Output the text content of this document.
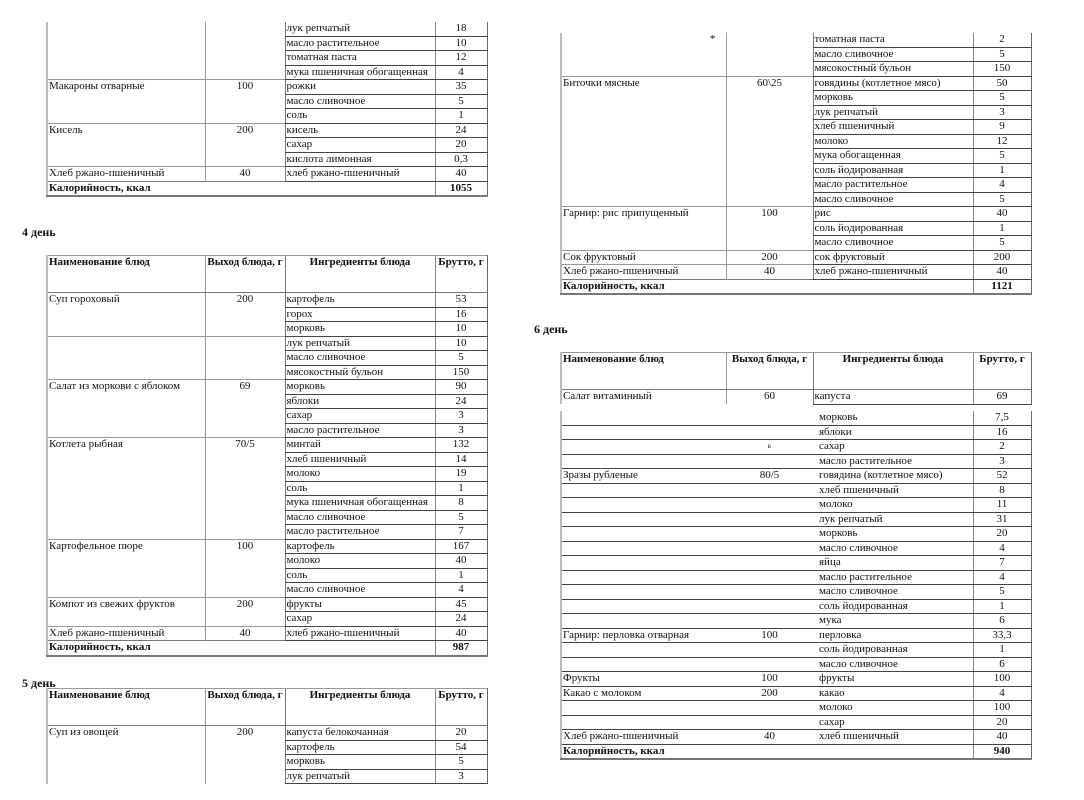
		лук репчатый	18
		масло растительное	10
		томатная паста	12
		мука пшеничная обогащенная	4
Макароны отварные	100	рожки	35
		масло сливочное	5
		соль	1
Кисель	200	кисель	24
		сахар	20
		кислота лимонная	0,3
Хлеб ржано-пшеничный	40	хлеб ржано-пшеничный	40
Калорийность, ккал			1055
4 день
Наименование блюд	Выход блюда, г	Ингредиенты блюда	Брутто, г
Суп гороховый	200	картофель	53
		горох	16
		морковь	10
		лук репчатый	10
		масло сливочное	5
		мясокостный бульон	150
Салат из моркови с яблоком	69	морковь	90
		яблоки	24
		сахар	3
		масло растительное	3
Котлета рыбная	70/5	минтай	132
		хлеб пшеничный	14
		молоко	19
		соль	1
		мука пшеничная обогащенная	8
		масло сливочное	5
		масло растительное	7
Картофельное пюре	100	картофель	167
		молоко	40
		соль	1
		масло сливочное	4
Компот из свежих фруктов	200	фрукты	45
		сахар	24
Хлеб ржано-пшеничный	40	хлеб ржано-пшеничный	40
Калорийность, ккал			987
5 день
Наименование блюд	Выход блюда, г	Ингредиенты блюда	Брутто, г
Суп из овощей	200	капуста белокочанная	20
		картофель	54
		морковь	5
		лук репчатый	3
*		томатная паста	2
		масло сливочное	5
		мясокостный бульон	150
Биточки мясные	60\25	говядины (котлетное мясо)	50
		морковь	5
		лук репчатый	3
		хлеб пшеничный	9
		молоко	12
		мука обогащенная	5
		соль йодированная	1
		масло растительное	4
		масло сливочное	5
Гарнир: рис припущенный	100	рис	40
		соль йодированная	1
		масло сливочное	5
Сок фруктовый	200	сок фруктовый	200
Хлеб ржано-пшеничный	40	хлеб ржано-пшеничный	40
Калорийность, ккал			1121
6 день
Наименование блюд	Выход блюда, г	Ингредиенты блюда	Брутто, г
Салат витаминный	60	капуста	69
		морковь	7,5
		яблоки	16
	к	сахар	2
		масло растительное	3
Зразы рубленые	80/5	говядина (котлетное мясо)	52
		хлеб пшеничный	8
		молоко	11
		лук репчатый	31
		морковь	20
		масло сливочное	4
		яйца	7
		масло растительное	4
		масло сливочное	5
		соль йодированная	1
		мука	6
Гарнир: перловка отварная	100	перловка	33,3
		соль йодированная	1
		масло сливочное	6
Фрукты	100	фрукты	100
Какао с молоком	200	какао	4
		молоко	100
		сахар	20
Хлеб ржано-пшеничный	40	хлеб пшеничный	40
Калорийность, ккал			940
